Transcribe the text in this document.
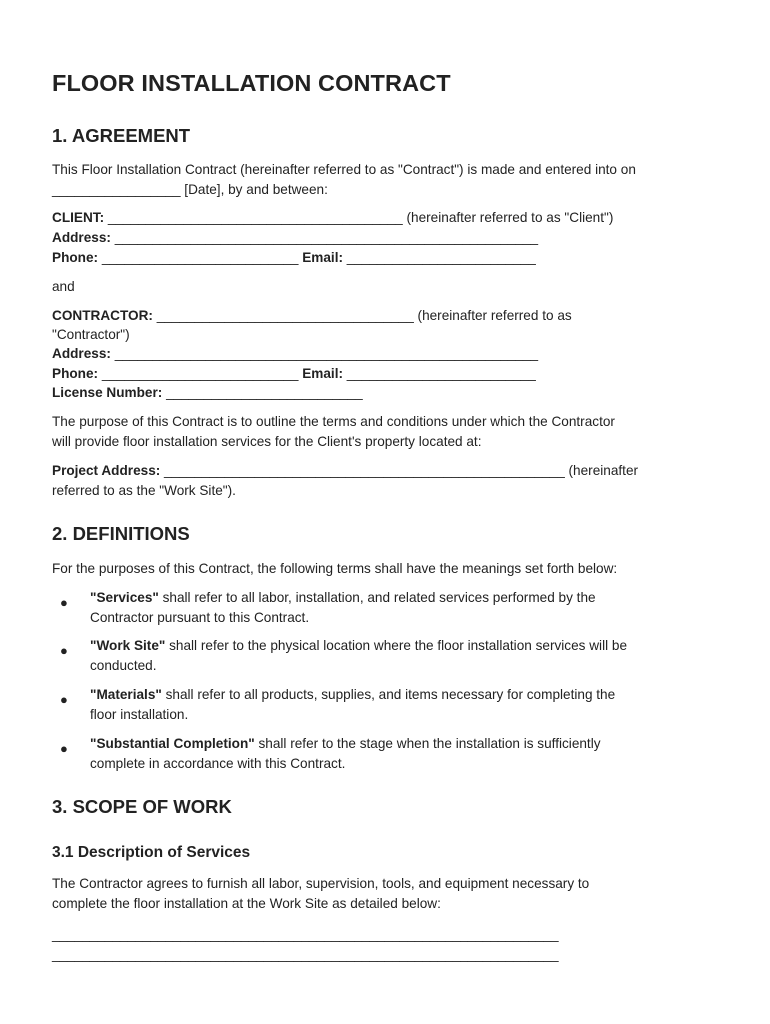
FLOOR INSTALLATION CONTRACT
1. AGREEMENT
This Floor Installation Contract (hereinafter referred to as "Contract") is made and entered into on
_________________ [Date], by and between:
CLIENT: _______________________________________ (hereinafter referred to as "Client")
Address: ________________________________________________________
Phone: __________________________ Email: _________________________
and
CONTRACTOR: __________________________________ (hereinafter referred to as
"Contractor")
Address: ________________________________________________________
Phone: __________________________ Email: _________________________
License Number: __________________________
The purpose of this Contract is to outline the terms and conditions under which the Contractor
will provide floor installation services for the Client's property located at:
Project Address: _____________________________________________________ (hereinafter
referred to as the "Work Site").
2. DEFINITIONS
For the purposes of this Contract, the following terms shall have the meanings set forth below:
● "Services" shall refer to all labor, installation, and related services performed by the
Contractor pursuant to this Contract.

● "Work Site" shall refer to the physical location where the floor installation services will be
conducted.

● "Materials" shall refer to all products, supplies, and items necessary for completing the
floor installation.

● "Substantial Completion" shall refer to the stage when the installation is sufficiently
complete in accordance with this Contract.

3. SCOPE OF WORK
3.1 Description of Services
The Contractor agrees to furnish all labor, supervision, tools, and equipment necessary to
complete the floor installation at the Work Site as detailed below:
___________________________________________________________________
___________________________________________________________________
